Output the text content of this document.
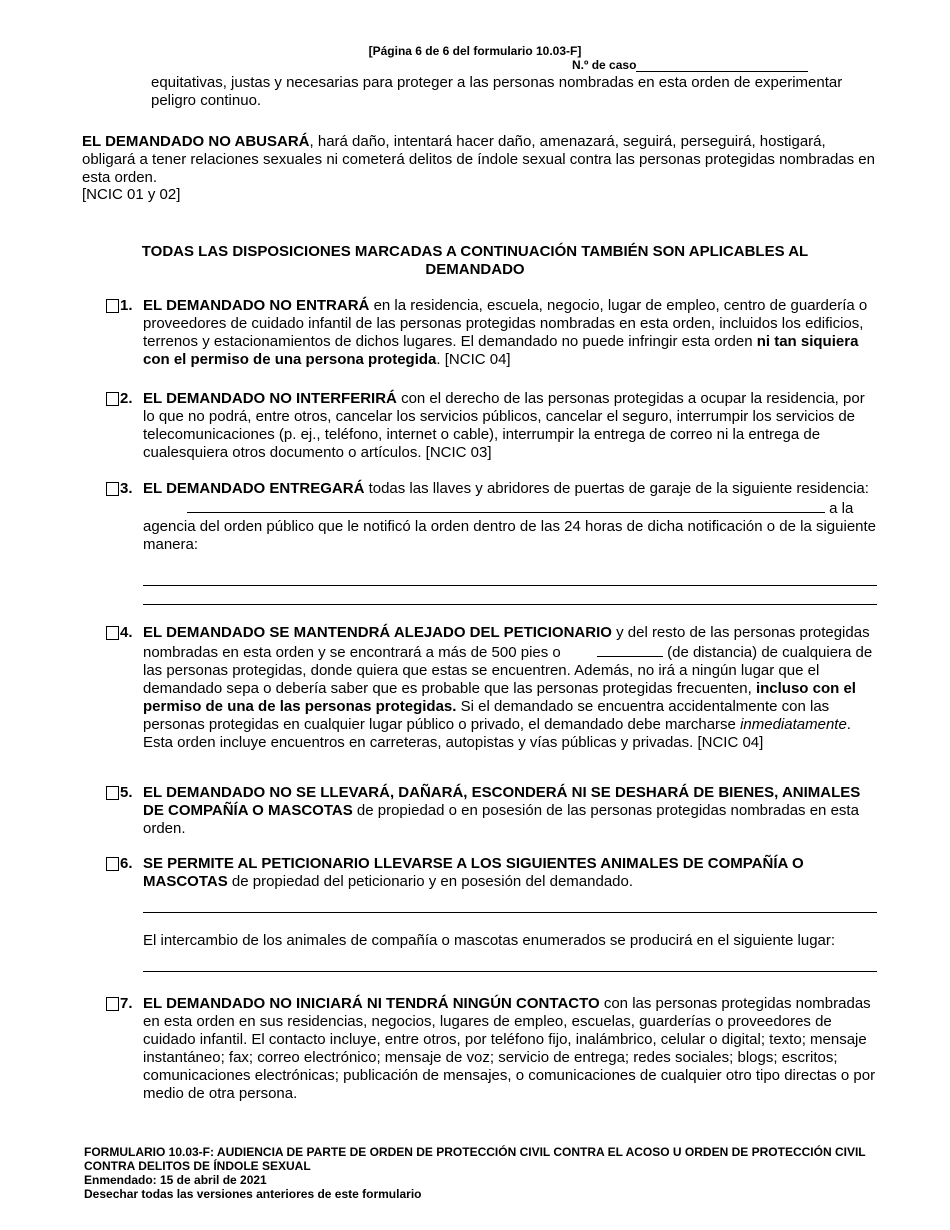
[Página 6 de 6 del formulario 10.03-F]
N.º de caso
equitativas, justas y necesarias para proteger a las personas nombradas en esta orden de experimentar peligro continuo.
EL DEMANDADO NO ABUSARÁ, hará daño, intentará hacer daño, amenazará, seguirá, perseguirá, hostigará, obligará a tener relaciones sexuales ni cometerá delitos de índole sexual contra las personas protegidas nombradas en esta orden.
[NCIC 01 y 02]
TODAS LAS DISPOSICIONES MARCADAS A CONTINUACIÓN TAMBIÉN SON APLICABLES AL DEMANDADO
1. EL DEMANDADO NO ENTRARÁ en la residencia, escuela, negocio, lugar de empleo, centro de guardería o proveedores de cuidado infantil de las personas protegidas nombradas en esta orden, incluidos los edificios, terrenos y estacionamientos de dichos lugares. El demandado no puede infringir esta orden ni tan siquiera con el permiso de una persona protegida. [NCIC 04]
2. EL DEMANDADO NO INTERFERIRÁ con el derecho de las personas protegidas a ocupar la residencia, por lo que no podrá, entre otros, cancelar los servicios públicos, cancelar el seguro, interrumpir los servicios de telecomunicaciones (p. ej., teléfono, internet o cable), interrumpir la entrega de correo ni la entrega de cualesquiera otros documento o artículos. [NCIC 03]
3. EL DEMANDADO ENTREGARÁ todas las llaves y abridores de puertas de garaje de la siguiente residencia:
a la
agencia del orden público que le notificó la orden dentro de las 24 horas de dicha notificación o de la siguiente manera:
4. EL DEMANDADO SE MANTENDRÁ ALEJADO DEL PETICIONARIO y del resto de las personas protegidas nombradas en esta orden y se encontrará a más de 500 pies o	(de distancia) de cualquiera de las personas protegidas, donde quiera que estas se encuentren. Además, no irá a ningún lugar que el demandado sepa o debería saber que es probable que las personas protegidas frecuenten, incluso con el permiso de una de las personas protegidas. Si el demandado se encuentra accidentalmente con las personas protegidas en cualquier lugar público o privado, el demandado debe marcharse inmediatamente. Esta orden incluye encuentros en carreteras, autopistas y vías públicas y privadas. [NCIC 04]
5. EL DEMANDADO NO SE LLEVARÁ, DAÑARÁ, ESCONDERÁ NI SE DESHARÁ DE BIENES, ANIMALES DE COMPAÑÍA O MASCOTAS de propiedad o en posesión de las personas protegidas nombradas en esta orden.
6. SE PERMITE AL PETICIONARIO LLEVARSE A LOS SIGUIENTES ANIMALES DE COMPAÑÍA O MASCOTAS de propiedad del peticionario y en posesión del demandado.
El intercambio de los animales de compañía o mascotas enumerados se producirá en el siguiente lugar:
7. EL DEMANDADO NO INICIARÁ NI TENDRÁ NINGÚN CONTACTO con las personas protegidas nombradas en esta orden en sus residencias, negocios, lugares de empleo, escuelas, guarderías o proveedores de cuidado infantil. El contacto incluye, entre otros, por teléfono fijo, inalámbrico, celular o digital; texto; mensaje instantáneo; fax; correo electrónico; mensaje de voz; servicio de entrega; redes sociales; blogs; escritos; comunicaciones electrónicas; publicación de mensajes, o comunicaciones de cualquier otro tipo directas o por medio de otra persona.
FORMULARIO 10.03-F: AUDIENCIA DE PARTE DE ORDEN DE PROTECCIÓN CIVIL CONTRA EL ACOSO U ORDEN DE PROTECCIÓN CIVIL CONTRA DELITOS DE ÍNDOLE SEXUAL
Enmendado: 15 de abril de 2021
Desechar todas las versiones anteriores de este formulario
